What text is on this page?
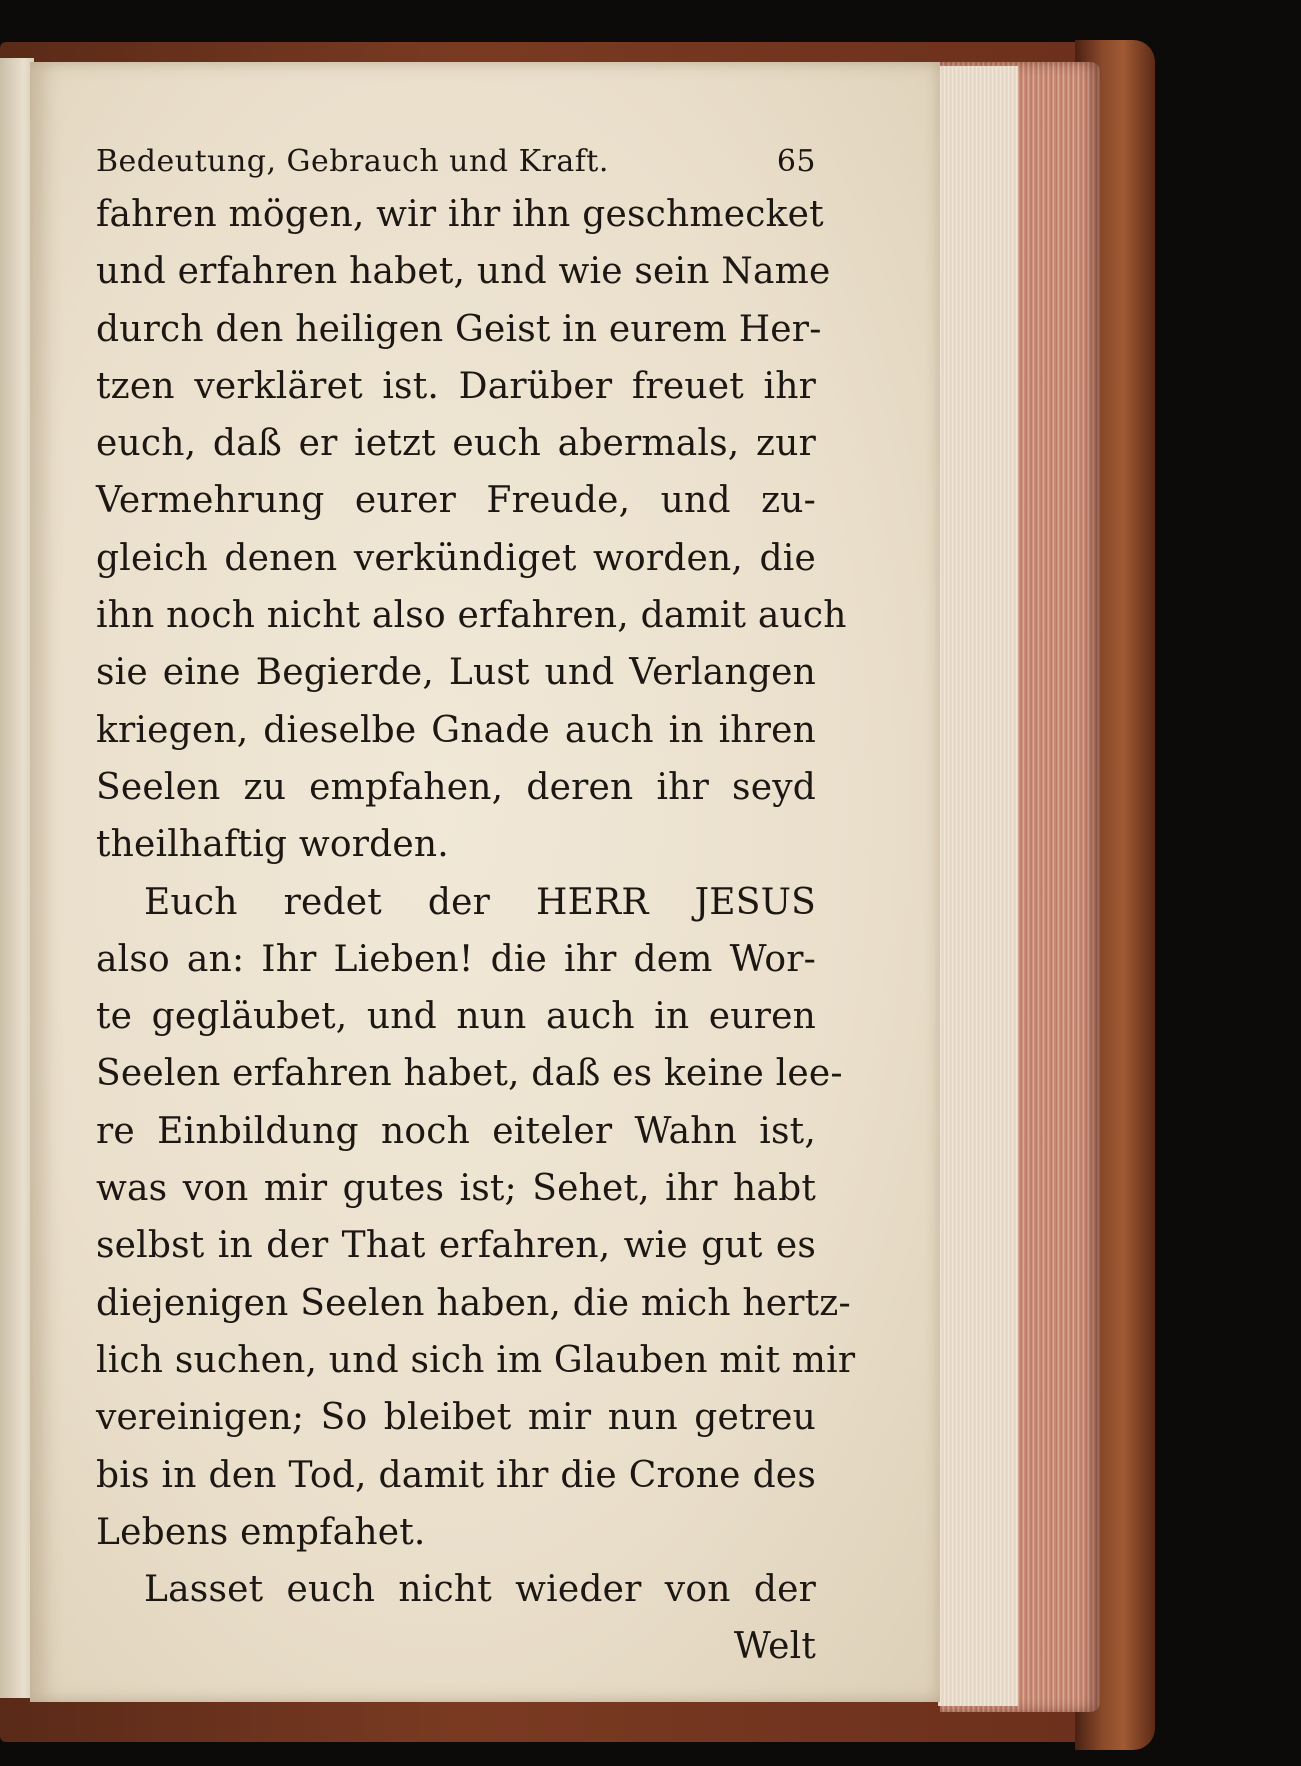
Bedeutung, Gebrauch und Kraft.	65
fahren mögen, wir ihr ihn geschmecket
und erfahren habet, und wie sein Name
durch den heiligen Geist in eurem Her-
tzen verkläret ist. Darüber freuet ihr
euch, daß er ietzt euch abermals, zur
Vermehrung eurer Freude, und zu-
gleich denen verkündiget worden, die
ihn noch nicht also erfahren, damit auch
sie eine Begierde, Lust und Verlangen
kriegen, dieselbe Gnade auch in ihren
Seelen zu empfahen, deren ihr seyd
theilhaftig worden.
Euch redet der HERR JESUS
also an: Ihr Lieben! die ihr dem Wor-
te gegläubet, und nun auch in euren
Seelen erfahren habet, daß es keine lee-
re Einbildung noch eiteler Wahn ist,
was von mir gutes ist; Sehet, ihr habt
selbst in der That erfahren, wie gut es
diejenigen Seelen haben, die mich hertz-
lich suchen, und sich im Glauben mit mir
vereinigen; So bleibet mir nun getreu
bis in den Tod, damit ihr die Crone des
Lebens empfahet.
Lasset euch nicht wieder von der
Welt
